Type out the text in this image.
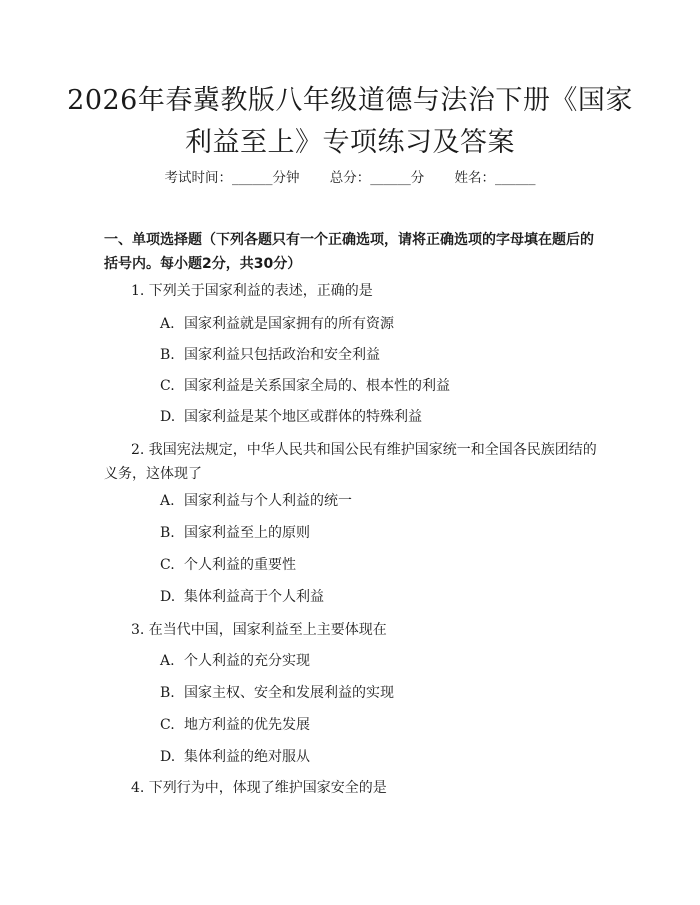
2026年春冀教版八年级道德与法治下册《国家利益至上》专项练习及答案
考试时间：______分钟 总分：______分 姓名：______

一、单项选择题（下列各题只有一个正确选项，请将正确选项的字母填在题后的括号内。每小题2分，共30分）

1. 下列关于国家利益的表述，正确的是

A. 国家利益就是国家拥有的所有资源

B. 国家利益只包括政治和安全利益

C. 国家利益是关系国家全局的、根本性的利益

D. 国家利益是某个地区或群体的特殊利益

2. 我国宪法规定，中华人民共和国公民有维护国家统一和全国各民族团结的义务，这体现了

A. 国家利益与个人利益的统一

B. 国家利益至上的原则

C. 个人利益的重要性

D. 集体利益高于个人利益

3. 在当代中国，国家利益至上主要体现在

A. 个人利益的充分实现

B. 国家主权、安全和发展利益的实现

C. 地方利益的优先发展

D. 集体利益的绝对服从

4. 下列行为中，体现了维护国家安全的是
